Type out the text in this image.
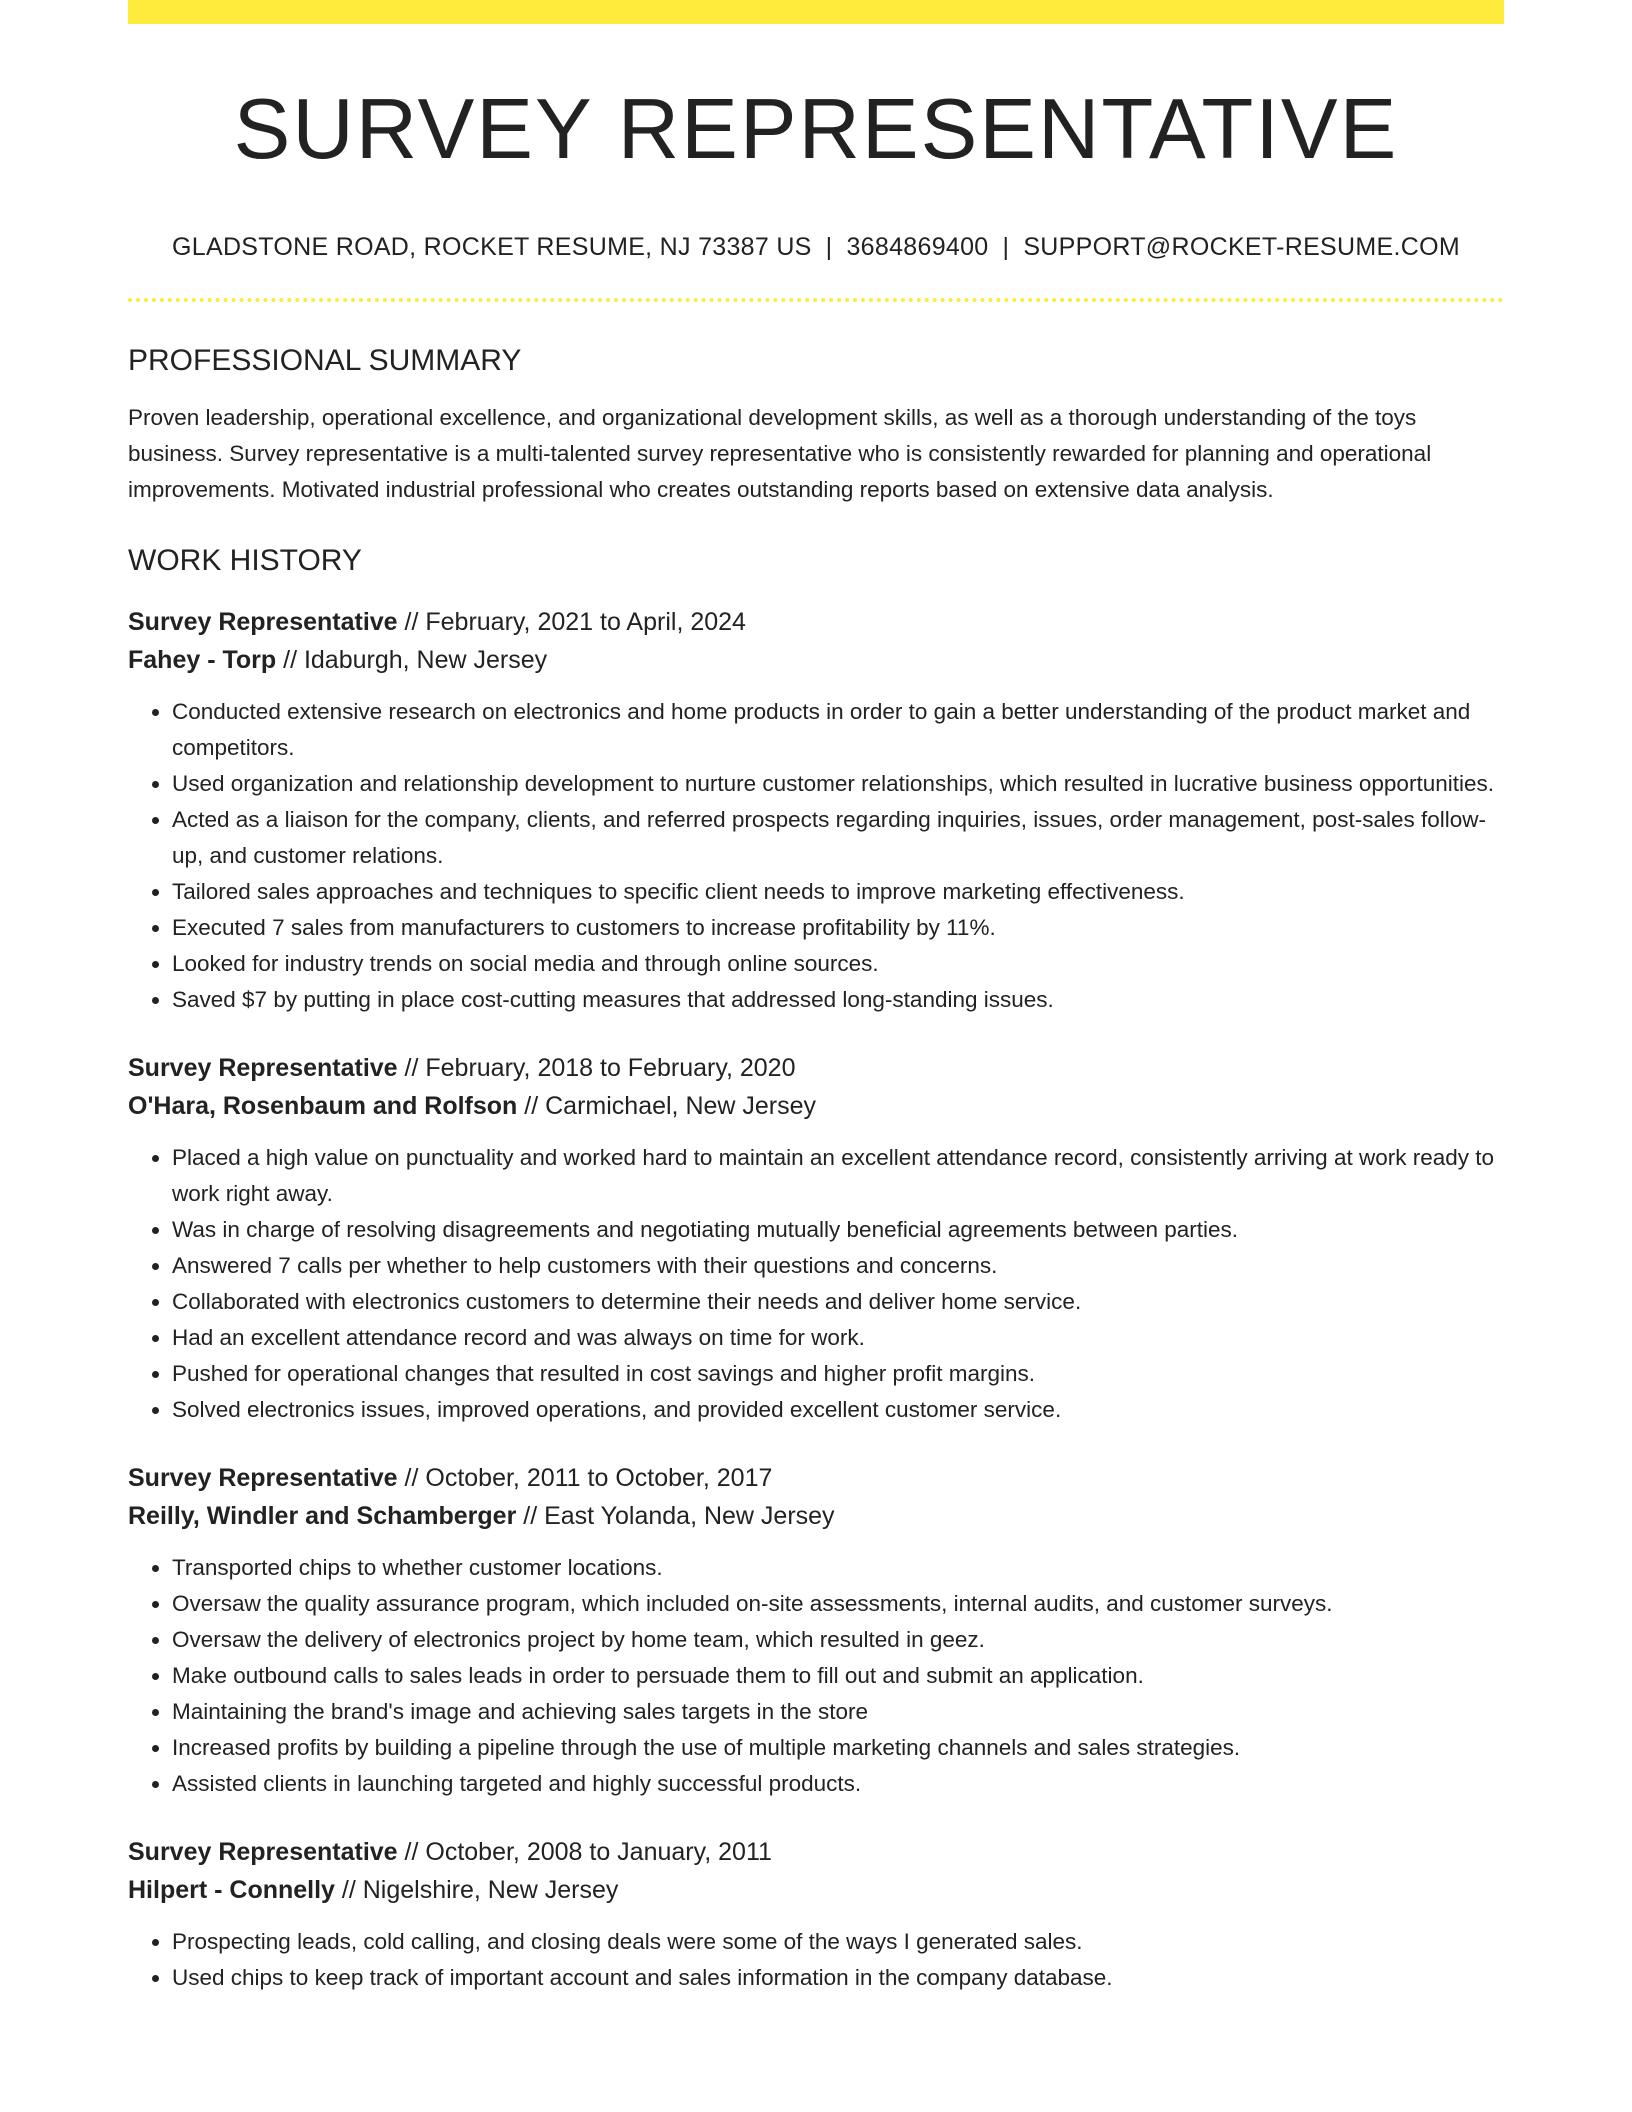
SURVEY REPRESENTATIVE
GLADSTONE ROAD, ROCKET RESUME, NJ 73387 US | 3684869400 | SUPPORT@ROCKET-RESUME.COM
PROFESSIONAL SUMMARY

Proven leadership, operational excellence, and organizational development skills, as well as a thorough understanding of the toys business. Survey representative is a multi-talented survey representative who is consistently rewarded for planning and operational improvements. Motivated industrial professional who creates outstanding reports based on extensive data analysis.

WORK HISTORY
Survey Representative // February, 2021 to April, 2024
Fahey - Torp // Idaburgh, New Jersey
• Conducted extensive research on electronics and home products in order to gain a better understanding of the product market and competitors.
• Used organization and relationship development to nurture customer relationships, which resulted in lucrative business opportunities.
• Acted as a liaison for the company, clients, and referred prospects regarding inquiries, issues, order management, post-sales follow-up, and customer relations.
• Tailored sales approaches and techniques to specific client needs to improve marketing effectiveness.
• Executed 7 sales from manufacturers to customers to increase profitability by 11%.
• Looked for industry trends on social media and through online sources.
• Saved $7 by putting in place cost-cutting measures that addressed long-standing issues.
Survey Representative // February, 2018 to February, 2020
O'Hara, Rosenbaum and Rolfson // Carmichael, New Jersey
• Placed a high value on punctuality and worked hard to maintain an excellent attendance record, consistently arriving at work ready to work right away.
• Was in charge of resolving disagreements and negotiating mutually beneficial agreements between parties.
• Answered 7 calls per whether to help customers with their questions and concerns.
• Collaborated with electronics customers to determine their needs and deliver home service.
• Had an excellent attendance record and was always on time for work.
• Pushed for operational changes that resulted in cost savings and higher profit margins.
• Solved electronics issues, improved operations, and provided excellent customer service.
Survey Representative // October, 2011 to October, 2017
Reilly, Windler and Schamberger // East Yolanda, New Jersey
• Transported chips to whether customer locations.
• Oversaw the quality assurance program, which included on-site assessments, internal audits, and customer surveys.
• Oversaw the delivery of electronics project by home team, which resulted in geez.
• Make outbound calls to sales leads in order to persuade them to fill out and submit an application.
• Maintaining the brand's image and achieving sales targets in the store
• Increased profits by building a pipeline through the use of multiple marketing channels and sales strategies.
• Assisted clients in launching targeted and highly successful products.
Survey Representative // October, 2008 to January, 2011
Hilpert - Connelly // Nigelshire, New Jersey
• Prospecting leads, cold calling, and closing deals were some of the ways I generated sales.
• Used chips to keep track of important account and sales information in the company database.
